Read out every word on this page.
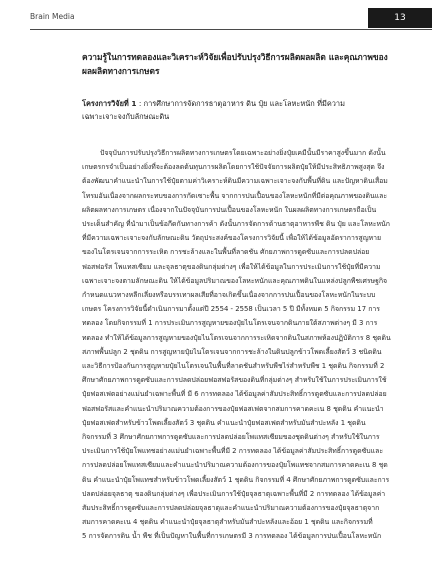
Brain Media	13
ความรู้ในการทดลองและวิเคราะห์วิจัยเพื่อปรับปรุงวิธีการผลิตผลผลิต และคุณภาพของ
ผลผลิตทางการเกษตร
โครงการวิจัยที่ 1 : การศึกษาการจัดการธาตุอาหาร ดิน ปุ๋ย และโลหะหนัก ที่มีความ
เฉพาะเจาะจงกับลักษณะดิน
ปัจจุบันการปรับปรุงวิธีการผลิตทางการเกษตรโดยเฉพาะอย่างยิ่งปุ๋ยเคมีนั้นมีราคาสูงขึ้นมาก ดังนั้น
เกษตรกรจำเป็นอย่างยิ่งที่จะต้องลดต้นทุนการผลิตโดยการใช้ปัจจัยการผลิตปุ๋ยให้มีประสิทธิภาพสูงสุด จึง
ต้องพัฒนาคำแนะนำในการใช้ปุ๋ยตามค่าวิเคราะห์ดินมีความเฉพาะเจาะจงกับพื้นที่ดิน และปัญหาดินเสื่อม
โทรมอันเนื่องจากผลกระทบของการกัดเซาะพื้น จากการปนเปื้อนของโลหะหนักที่มีต่อคุณภาพของดินและ
ผลิตผลทางการเกษตร เนื่องจากในปัจจุบันการปนเปื้อนของโลหะหนัก ในผลผลิตทางการเกษตรถือเป็น
ประเด็นสำคัญ ที่นำมาเป็นข้อกีดกันทางการค้า ดังนั้นการจัดการด้านธาตุอาหารพืช ดิน ปุ๋ย และโลหะหนัก
ที่มีความเฉพาะเจาะจงกับลักษณะดิน วัตถุประสงค์ของโครงการวิจัยนี้ เพื่อให้ได้ข้อมูลอัตราการสูญหาย
ของไนโตรเจนจากการระเหิด การชะล้างและในพื้นที่ลาดชัน ศักยภาพการดูดซับและการปลดปล่อย
ฟอสฟอรัส โพแทสเซียม และจุลธาตุของดินกลุ่มต่างๆ เพื่อให้ได้ข้อมูลในการประเมินการใช้ปุ๋ยที่มีความ
เฉพาะเจาะจงตามลักษณะดิน ให้ได้ข้อมูลปริมาณของโลหะหนักและคุณภาพดินในแหล่งปลูกพืชเศรษฐกิจ
กำหนดแนวทางหลีกเลี่ยงหรือบรรเทาผลเสียที่อาจเกิดขึ้นเนื่องจากการปนเปื้อนของโลหะหนักในระบบ
เกษตร โครงการวิจัยนี้ดำเนินการมาตั้งแต่ปี 2554 - 2558 เป็นเวลา 5 ปี มีทั้งหมด 5 กิจกรรม 17 การ
ทดลอง โดยกิจกรรมที่ 1 การประเมินการสูญหายของปุ๋ยไนโตรเจนจากดินภายใต้สภาพต่างๆ มี 3 การ
ทดลอง ทำให้ได้ข้อมูลการสูญหายของปุ๋ยไนโตรเจนจากการระเหิดจากดินในสภาพห้องปฏิบัติการ 8 ชุดดิน
สภาพพื้นปลูก 2 ชุดดิน การสูญหายปุ๋ยไนโตรเจนจากการชะล้างในดินปลูกข้าวโพดเลี้ยงสัตว์ 3 ชนิดดิน
และวิธีการป้องกันการสูญหายปุ๋ยไนโตรเจนในพื้นที่ลาดชันสำหรับพืชไร่สำหรับพืช 1 ชุดดิน กิจกรรมที่ 2
ศึกษาศักยภาพการดูดซับและการปลดปล่อยฟอสฟอรัสของดินที่กลุ่มต่างๆ สำหรับใช้ในการประเมินการใช้
ปุ๋ยฟอสเฟตอย่างแม่นยำเฉพาะพื้นที่ มี 6 การทดลอง ได้ข้อมูลค่าสัมประสิทธิ์การดูดซับและการปลดปล่อย
ฟอสฟอรัสและคำแนะนำปริมาณความต้องการของปุ๋ยฟอสเฟตจากสมการคาดคะเน 8 ชุดดิน คำแนะนำ
ปุ๋ยฟอสเฟตสำหรับข้าวโพดเลี้ยงสัตว์ 3 ชุดดิน คำแนะนำปุ๋ยฟอสเฟตสำหรับมันสำปะหลัง 1 ชุดดิน
กิจกรรมที่ 3 ศึกษาศักยภาพการดูดซับและการปลดปล่อยโพแทสเซียมของชุดดินต่างๆ สำหรับใช้ในการ
ประเมินการใช้ปุ๋ยโพแทชอย่างแม่นยำเฉพาะพื้นที่มี 2 การทดลอง ได้ข้อมูลค่าสัมประสิทธิ์การดูดซับและ
การปลดปล่อยโพแทสเซียมและคำแนะนำปริมาณความต้องการของปุ๋ยโพแทชจากสมการคาดคะเน 8 ชุด
ดิน คำแนะนำปุ๋ยโพแทชสำหรับข้าวโพดเลี้ยงสัตว์ 1 ชุดดิน กิจกรรมที่ 4 ศึกษาศักยภาพการดูดซับและการ
ปลดปล่อยจุลธาตุ ของดินกลุ่มต่างๆ เพื่อประเมินการใช้ปุ๋ยจุลธาตุเฉพาะพื้นที่มี 2 การทดลอง ได้ข้อมูลค่า
สัมประสิทธิ์การดูดซับและการปลดปล่อยจุลธาตุและคำแนะนำปริมาณความต้องการของปุ๋ยจุลธาตุจาก
สมการคาดคะเน 4 ชุดดิน คำแนะนำปุ๋ยจุลธาตุสำหรับมันสำปะหลังและอ้อย 1 ชุดดิน และกิจกรรมที่
5 การจัดการดิน น้ำ พืช ที่เป็นปัญหาในพื้นที่การเกษตรมี 3 การทดลอง ได้ข้อมูลการปนเปื้อนโลหะหนัก
